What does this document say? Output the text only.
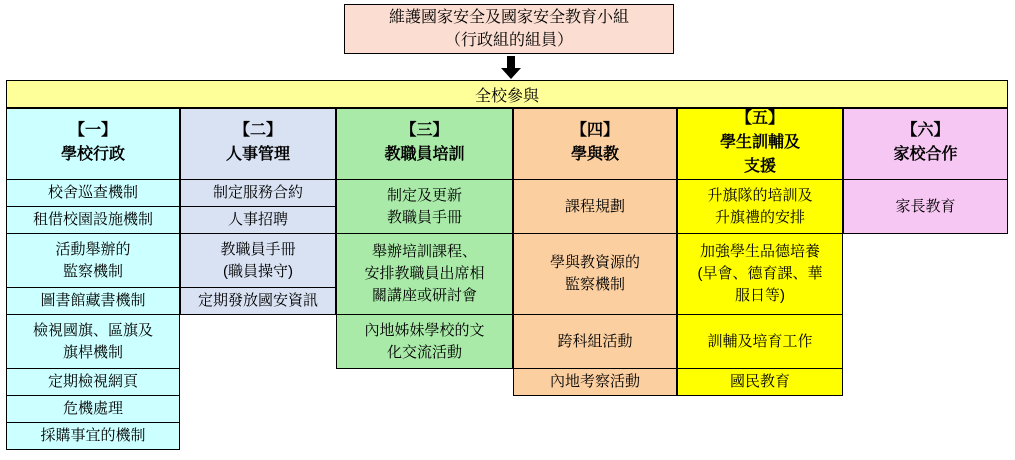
維護國家安全及國家安全教育小組
（行政組的組員）
全校參與
【一】
學校行政
校舍巡查機制
租借校園設施機制
活動舉辦的
監察機制
圖書館藏書機制
檢視國旗、區旗及
旗桿機制
定期檢視網頁
危機處理
採購事宜的機制
【二】
人事管理
制定服務合約
人事招聘
教職員手冊
(職員操守)
定期發放國安資訊
【三】
教職員培訓
制定及更新
教職員手冊
舉辦培訓課程、
安排教職員出席相
關講座或研討會
內地姊妹學校的文
化交流活動
【四】
學與教
課程規劃
學與教資源的
監察機制
跨科組活動
內地考察活動
【五】
學生訓輔及
支援
升旗隊的培訓及
升旗禮的安排
加強學生品德培養
(早會、德育課、華
服日等)
訓輔及培育工作
國民教育
【六】
家校合作
家長教育
